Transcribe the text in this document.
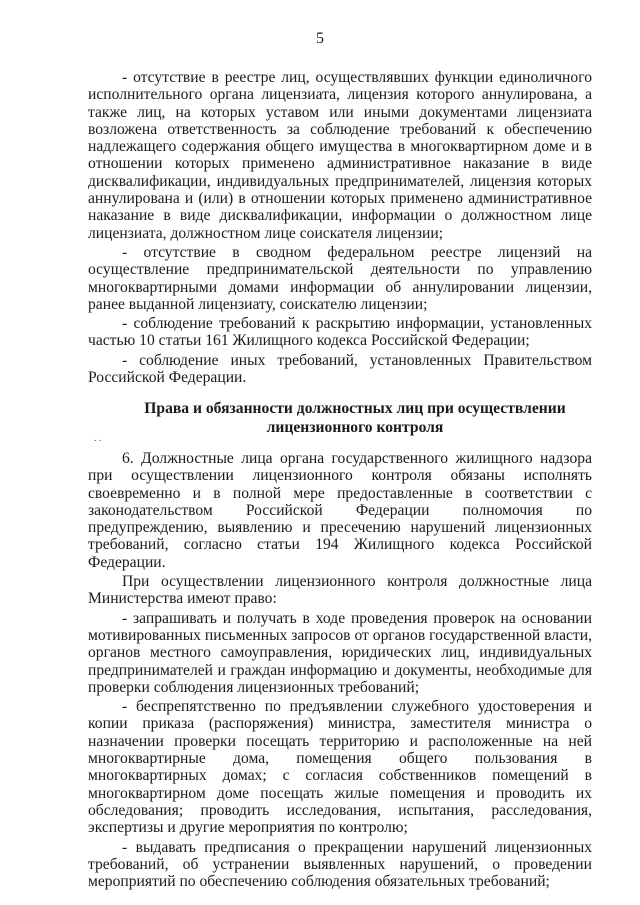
5

- отсутствие в реестре лиц, осуществлявших функции единоличного исполнительного органа лицензиата, лицензия которого аннулирована, а также лиц, на которых уставом или иными документами лицензиата возложена ответственность за соблюдение требований к обеспечению надлежащего содержания общего имущества в многоквартирном доме и в отношении которых применено административное наказание в виде дисквалификации, индивидуальных предпринимателей, лицензия которых аннулирована и (или) в отношении которых применено административное наказание в виде дисквалификации, информации о должностном лице лицензиата, должностном лице соискателя лицензии;

- отсутствие в сводном федеральном реестре лицензий на осуществление предпринимательской деятельности по управлению многоквартирными домами информации об аннулировании лицензии, ранее выданной лицензиату, соискателю лицензии;

- соблюдение требований к раскрытию информации, установленных частью 10 статьи 161 Жилищного кодекса Российской Федерации;

- соблюдение иных требований, установленных Правительством Российской Федерации.

Права и обязанности должностных лиц при осуществлении
лицензионного контроля
. .

6. Должностные лица органа государственного жилищного надзора при осуществлении лицензионного контроля обязаны исполнять своевременно и в полной мере предоставленные в соответствии с законодательством Российской Федерации полномочия по предупреждению, выявлению и пресечению нарушений лицензионных требований, согласно статьи 194 Жилищного кодекса Российской Федерации.

При осуществлении лицензионного контроля должностные лица Министерства имеют право:

- запрашивать и получать в ходе проведения проверок на основании мотивированных письменных запросов от органов государственной власти, органов местного самоуправления, юридических лиц, индивидуальных предпринимателей и граждан информацию и документы, необходимые для проверки соблюдения лицензионных требований;

- беспрепятственно по предъявлении служебного удостоверения и копии приказа (распоряжения) министра, заместителя министра о назначении проверки посещать территорию и расположенные на ней многоквартирные дома, помещения общего пользования в многоквартирных домах; с согласия собственников помещений в многоквартирном доме посещать жилые помещения и проводить их обследования; проводить исследования, испытания, расследования, экспертизы и другие мероприятия по контролю;

- выдавать предписания о прекращении нарушений лицензионных требований, об устранении выявленных нарушений, о проведении мероприятий по обеспечению соблюдения обязательных требований;
